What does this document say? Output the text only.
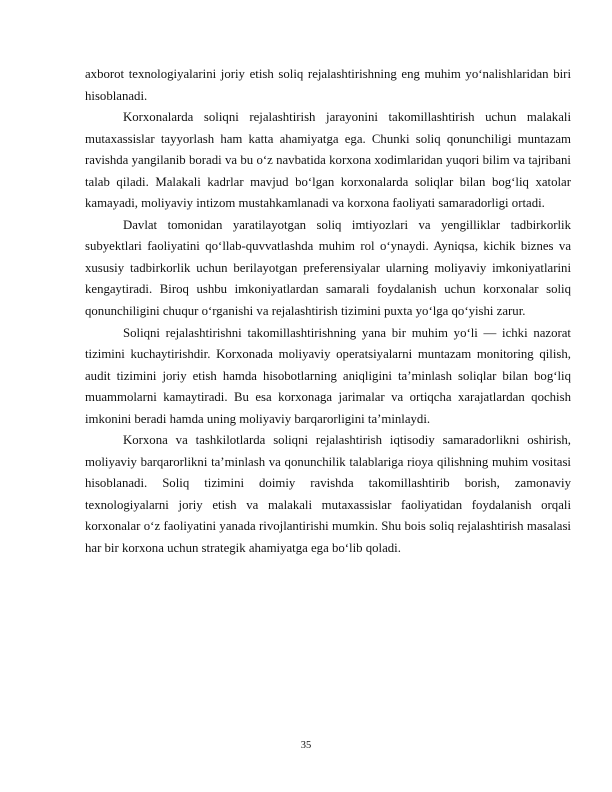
axborot texnologiyalarini joriy etish soliq rejalashtirishning eng muhim yo‘nalishlaridan biri hisoblanadi.

Korxonalarda soliqni rejalashtirish jarayonini takomillashtirish uchun malakali mutaxassislar tayyorlash ham katta ahamiyatga ega. Chunki soliq qonunchiligi muntazam ravishda yangilanib boradi va bu o‘z navbatida korxona xodimlaridan yuqori bilim va tajribani talab qiladi. Malakali kadrlar mavjud bo‘lgan korxonalarda soliqlar bilan bog‘liq xatolar kamayadi, moliyaviy intizom mustahkamlanadi va korxona faoliyati samaradorligi ortadi.

Davlat tomonidan yaratilayotgan soliq imtiyozlari va yengilliklar tadbirkorlik subyektlari faoliyatini qo‘llab-quvvatlashda muhim rol o‘ynaydi. Ayniqsa, kichik biznes va xususiy tadbirkorlik uchun berilayotgan preferensiyalar ularning moliyaviy imkoniyatlarini kengaytiradi. Biroq ushbu imkoniyatlardan samarali foydalanish uchun korxonalar soliq qonunchiligini chuqur o‘rganishi va rejalashtirish tizimini puxta yo‘lga qo‘yishi zarur.

Soliqni rejalashtirishni takomillashtirishning yana bir muhim yo‘li — ichki nazorat tizimini kuchaytirishdir. Korxonada moliyaviy operatsiyalarni muntazam monitoring qilish, audit tizimini joriy etish hamda hisobotlarning aniqligini ta’minlash soliqlar bilan bog‘liq muammolarni kamaytiradi. Bu esa korxonaga jarimalar va ortiqcha xarajatlardan qochish imkonini beradi hamda uning moliyaviy barqarorligini ta’minlaydi.

Korxona va tashkilotlarda soliqni rejalashtirish iqtisodiy samaradorlikni oshirish, moliyaviy barqarorlikni ta’minlash va qonunchilik talablariga rioya qilishning muhim vositasi hisoblanadi. Soliq tizimini doimiy ravishda takomillashtirib borish, zamonaviy texnologiyalarni joriy etish va malakali mutaxassislar faoliyatidan foydalanish orqali korxonalar o‘z faoliyatini yanada rivojlantirishi mumkin. Shu bois soliq rejalashtirish masalasi har bir korxona uchun strategik ahamiyatga ega bo‘lib qoladi.

35
